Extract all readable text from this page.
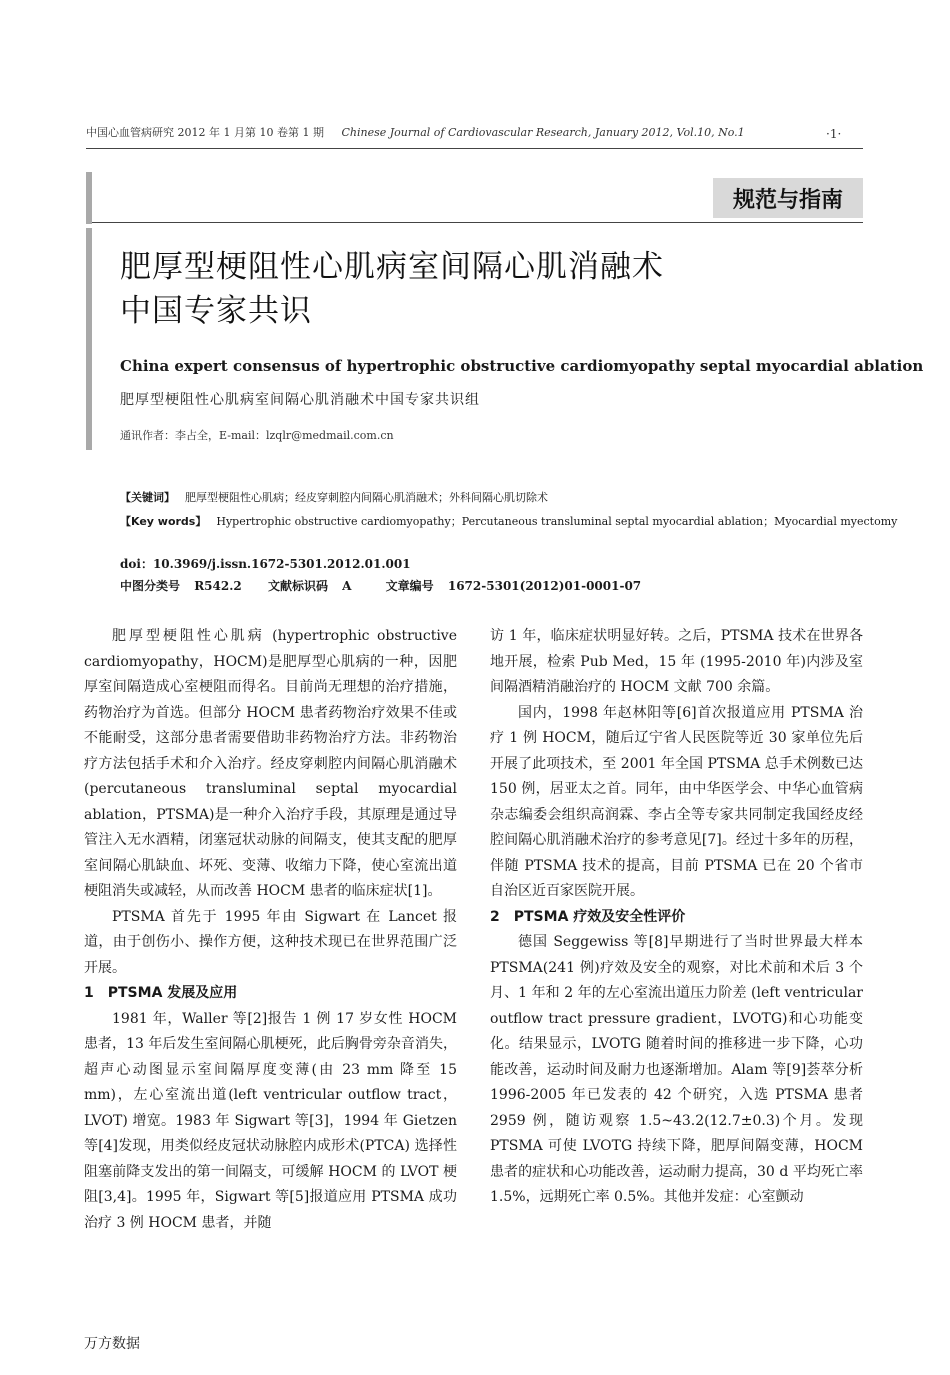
中国心血管病研究 2012 年 1 月第 10 卷第 1 期 Chinese Journal of Cardiovascular Research, January 2012, Vol.10, No.1	·1·
规范与指南
肥厚型梗阻性心肌病室间隔心肌消融术
中国专家共识
China expert consensus of hypertrophic obstructive cardiomyopathy septal myocardial ablation
肥厚型梗阻性心肌病室间隔心肌消融术中国专家共识组
通讯作者：李占全，E-mail：lzqlr@medmail.com.cn
【关键词】 肥厚型梗阻性心肌病；经皮穿刺腔内间隔心肌消融术；外科间隔心肌切除术
【Key words】 Hypertrophic obstructive cardiomyopathy；Percutaneous transluminal septal myocardial ablation；Myocardial myectomy
doi：10.3969/j.issn.1672-5301.2012.01.001
中图分类号 R542.2 文献标识码 A	文章编号 1672-5301(2012)01-0001-07

肥厚型梗阻性心肌病 (hypertrophic obstructive cardiomyopathy，HOCM)是肥厚型心肌病的一种，因肥厚室间隔造成心室梗阻而得名。目前尚无理想的治疗措施，药物治疗为首选。但部分 HOCM 患者药物治疗效果不佳或不能耐受，这部分患者需要借助非药物治疗方法。非药物治疗方法包括手术和介入治疗。经皮穿刺腔内间隔心肌消融术(percutaneous transluminal septal myocardial ablation，PTSMA)是一种介入治疗手段，其原理是通过导管注入无水酒精，闭塞冠状动脉的间隔支，使其支配的肥厚室间隔心肌缺血、坏死、变薄、收缩力下降，使心室流出道梗阻消失或减轻，从而改善 HOCM 患者的临床症状[1]。

PTSMA 首先于 1995 年由 Sigwart 在 Lancet 报道，由于创伤小、操作方便，这种技术现已在世界范围广泛开展。

1　PTSMA 发展及应用

1981 年，Waller 等[2]报告 1 例 17 岁女性 HOCM 患者，13 年后发生室间隔心肌梗死，此后胸骨旁杂音消失，超声心动图显示室间隔厚度变薄(由 23 mm 降至 15 mm)，左心室流出道(left ventricular outflow tract，LVOT) 增宽。1983 年 Sigwart 等[3]，1994 年 Gietzen 等[4]发现，用类似经皮冠状动脉腔内成形术(PTCA) 选择性阻塞前降支发出的第一间隔支，可缓解 HOCM 的 LVOT 梗阻[3,4]。1995 年，Sigwart 等[5]报道应用 PTSMA 成功治疗 3 例 HOCM 患者，并随

访 1 年，临床症状明显好转。之后，PTSMA 技术在世界各地开展，检索 Pub Med，15 年 (1995-2010 年)内涉及室间隔酒精消融治疗的 HOCM 文献 700 余篇。

国内，1998 年赵林阳等[6]首次报道应用 PTSMA 治疗 1 例 HOCM，随后辽宁省人民医院等近 30 家单位先后开展了此项技术，至 2001 年全国 PTSMA 总手术例数已达 150 例，居亚太之首。同年，由中华医学会、中华心血管病杂志编委会组织高润霖、李占全等专家共同制定我国经皮经腔间隔心肌消融术治疗的参考意见[7]。经过十多年的历程，伴随 PTSMA 技术的提高，目前 PTSMA 已在 20 个省市自治区近百家医院开展。

2　PTSMA 疗效及安全性评价

德国 Seggewiss 等[8]早期进行了当时世界最大样本 PTSMA(241 例)疗效及安全的观察，对比术前和术后 3 个月、1 年和 2 年的左心室流出道压力阶差 (left ventricular outflow tract pressure gradient，LVOTG)和心功能变化。结果显示，LVOTG 随着时间的推移进一步下降，心功能改善，运动时间及耐力也逐渐增加。Alam 等[9]荟萃分析 1996-2005 年已发表的 42 个研究，入选 PTSMA 患者 2959 例，随访观察 1.5~43.2(12.7±0.3)个月。发现 PTSMA 可使 LVOTG 持续下降，肥厚间隔变薄，HOCM 患者的症状和心功能改善，运动耐力提高，30 d 平均死亡率 1.5%，远期死亡率 0.5%。其他并发症：心室颤动

万方数据
